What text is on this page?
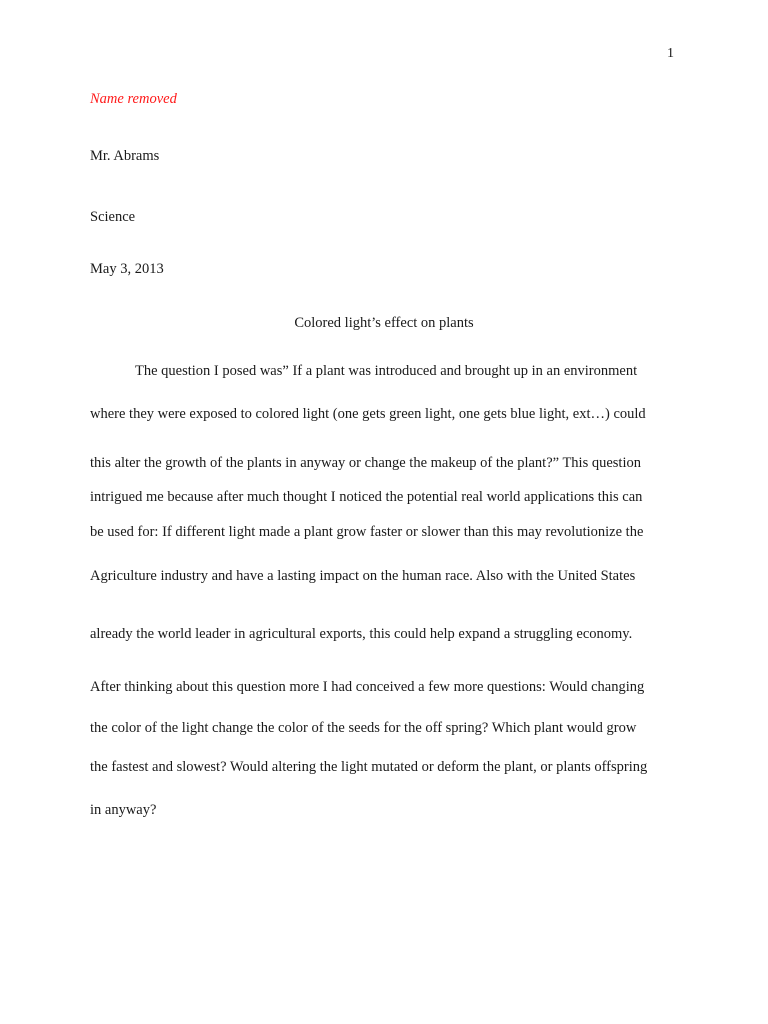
1
Name removed
Mr. Abrams
Science
May 3, 2013
Colored light’s effect on plants
The question I posed was” If a plant was introduced and brought up in an environment
where they were exposed to colored light (one gets green light, one gets blue light, ext…) could
this alter the growth of the plants in anyway or change the makeup of the plant?” This question
intrigued me because after much thought I noticed the potential real world applications this can
be used for: If different light made a plant grow faster or slower than this may revolutionize the
Agriculture industry and have a lasting impact on the human race. Also with the United States
already the world leader in agricultural exports, this could help expand a struggling economy.
After thinking about this question more I had conceived a few more questions: Would changing
the color of the light change the color of the seeds for the off spring? Which plant would grow
the fastest and slowest? Would altering the light mutated or deform the plant, or plants offspring
in anyway?
